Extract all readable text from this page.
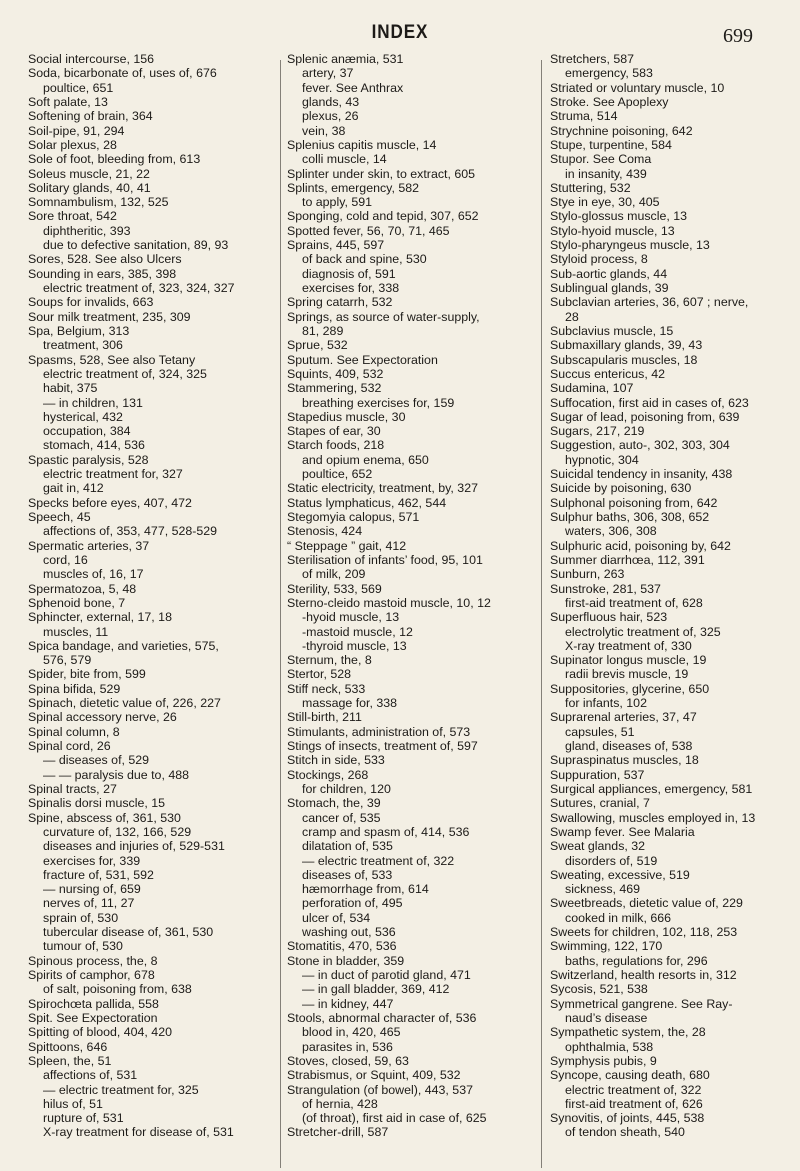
INDEX	699
Social intercourse, 156
Soda, bicarbonate of, uses of, 676
poultice, 651
Soft palate, 13
Softening of brain, 364
Soil-pipe, 91, 294
Solar plexus, 28
Sole of foot, bleeding from, 613
Soleus muscle, 21, 22
Solitary glands, 40, 41
Somnambulism, 132, 525
Sore throat, 542
diphtheritic, 393
due to defective sanitation, 89, 93
Sores, 528. See also Ulcers
Sounding in ears, 385, 398
electric treatment of, 323, 324, 327
Soups for invalids, 663
Sour milk treatment, 235, 309
Spa, Belgium, 313
treatment, 306
Spasms, 528, See also Tetany
electric treatment of, 324, 325
habit, 375
— in children, 131
hysterical, 432
occupation, 384
stomach, 414, 536
Spastic paralysis, 528
electric treatment for, 327
gait in, 412
Specks before eyes, 407, 472
Speech, 45
affections of, 353, 477, 528-529
Spermatic arteries, 37
cord, 16
muscles of, 16, 17
Spermatozoa, 5, 48
Sphenoid bone, 7
Sphincter, external, 17, 18
muscles, 11
Spica bandage, and varieties, 575,
576, 579
Spider, bite from, 599
Spina bifida, 529
Spinach, dietetic value of, 226, 227
Spinal accessory nerve, 26
Spinal column, 8
Spinal cord, 26
— diseases of, 529
— — paralysis due to, 488
Spinal tracts, 27
Spinalis dorsi muscle, 15
Spine, abscess of, 361, 530
curvature of, 132, 166, 529
diseases and injuries of, 529-531
exercises for, 339
fracture of, 531, 592
— nursing of, 659
nerves of, 11, 27
sprain of, 530
tubercular disease of, 361, 530
tumour of, 530
Spinous process, the, 8
Spirits of camphor, 678
of salt, poisoning from, 638
Spirochœta pallida, 558
Spit. See Expectoration
Spitting of blood, 404, 420
Spittoons, 646
Spleen, the, 51
affections of, 531
— electric treatment for, 325
hilus of, 51
rupture of, 531
X-ray treatment for disease of, 531
Splenic anæmia, 531
artery, 37
fever. See Anthrax
glands, 43
plexus, 26
vein, 38
Splenius capitis muscle, 14
colli muscle, 14
Splinter under skin, to extract, 605
Splints, emergency, 582
to apply, 591
Sponging, cold and tepid, 307, 652
Spotted fever, 56, 70, 71, 465
Sprains, 445, 597
of back and spine, 530
diagnosis of, 591
exercises for, 338
Spring catarrh, 532
Springs, as source of water-supply,
81, 289
Sprue, 532
Sputum. See Expectoration
Squints, 409, 532
Stammering, 532
breathing exercises for, 159
Stapedius muscle, 30
Stapes of ear, 30
Starch foods, 218
and opium enema, 650
poultice, 652
Static electricity, treatment, by, 327
Status lymphaticus, 462, 544
Stegomyia calopus, 571
Stenosis, 424
“ Steppage ” gait, 412
Sterilisation of infants’ food, 95, 101
of milk, 209
Sterility, 533, 569
Sterno-cleido mastoid muscle, 10, 12
-hyoid muscle, 13
-mastoid muscle, 12
-thyroid muscle, 13
Sternum, the, 8
Stertor, 528
Stiff neck, 533
massage for, 338
Still-birth, 211
Stimulants, administration of, 573
Stings of insects, treatment of, 597
Stitch in side, 533
Stockings, 268
for children, 120
Stomach, the, 39
cancer of, 535
cramp and spasm of, 414, 536
dilatation of, 535
— electric treatment of, 322
diseases of, 533
hæmorrhage from, 614
perforation of, 495
ulcer of, 534
washing out, 536
Stomatitis, 470, 536
Stone in bladder, 359
— in duct of parotid gland, 471
— in gall bladder, 369, 412
— in kidney, 447
Stools, abnormal character of, 536
blood in, 420, 465
parasites in, 536
Stoves, closed, 59, 63
Strabismus, or Squint, 409, 532
Strangulation (of bowel), 443, 537
of hernia, 428
(of throat), first aid in case of, 625
Stretcher-drill, 587
Stretchers, 587
emergency, 583
Striated or voluntary muscle, 10
Stroke. See Apoplexy
Struma, 514
Strychnine poisoning, 642
Stupe, turpentine, 584
Stupor. See Coma
in insanity, 439
Stuttering, 532
Stye in eye, 30, 405
Stylo-glossus muscle, 13
Stylo-hyoid muscle, 13
Stylo-pharyngeus muscle, 13
Styloid process, 8
Sub-aortic glands, 44
Sublingual glands, 39
Subclavian arteries, 36, 607 ; nerve,
28
Subclavius muscle, 15
Submaxillary glands, 39, 43
Subscapularis muscles, 18
Succus entericus, 42
Sudamina, 107
Suffocation, first aid in cases of, 623
Sugar of lead, poisoning from, 639
Sugars, 217, 219
Suggestion, auto-, 302, 303, 304
hypnotic, 304
Suicidal tendency in insanity, 438
Suicide by poisoning, 630
Sulphonal poisoning from, 642
Sulphur baths, 306, 308, 652
waters, 306, 308
Sulphuric acid, poisoning by, 642
Summer diarrhœa, 112, 391
Sunburn, 263
Sunstroke, 281, 537
first-aid treatment of, 628
Superfluous hair, 523
electrolytic treatment of, 325
X-ray treatment of, 330
Supinator longus muscle, 19
radii brevis muscle, 19
Suppositories, glycerine, 650
for infants, 102
Suprarenal arteries, 37, 47
capsules, 51
gland, diseases of, 538
Supraspinatus muscles, 18
Suppuration, 537
Surgical appliances, emergency, 581
Sutures, cranial, 7
Swallowing, muscles employed in, 13
Swamp fever. See Malaria
Sweat glands, 32
disorders of, 519
Sweating, excessive, 519
sickness, 469
Sweetbreads, dietetic value of, 229
cooked in milk, 666
Sweets for children, 102, 118, 253
Swimming, 122, 170
baths, regulations for, 296
Switzerland, health resorts in, 312
Sycosis, 521, 538
Symmetrical gangrene. See Ray-
naud’s disease
Sympathetic system, the, 28
ophthalmia, 538
Symphysis pubis, 9
Syncope, causing death, 680
electric treatment of, 322
first-aid treatment of, 626
Synovitis, of joints, 445, 538
of tendon sheath, 540
